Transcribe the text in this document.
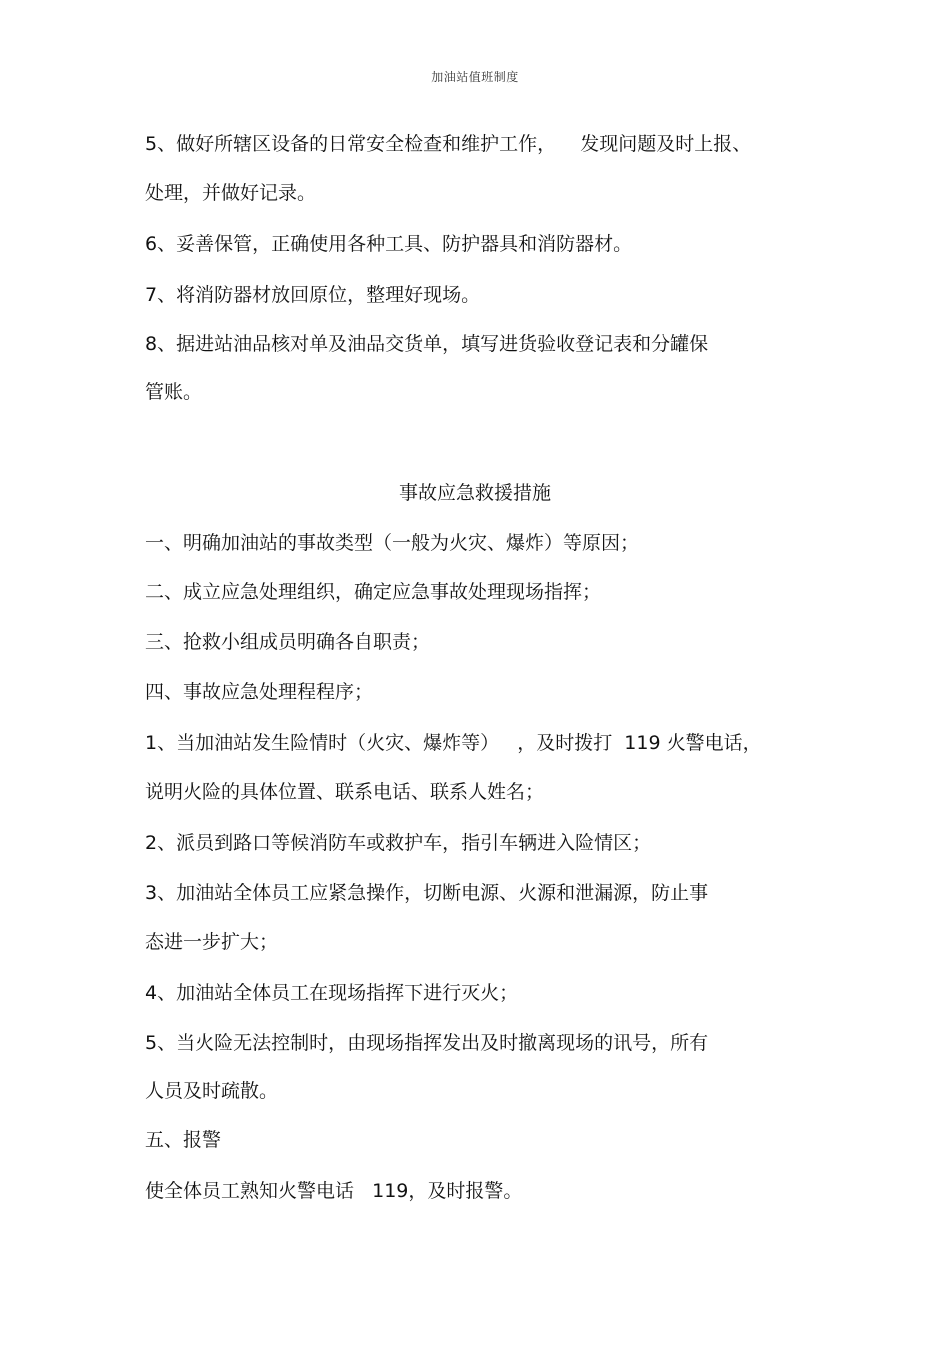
加油站值班制度
5、做好所辖区设备的日常安全检查和维护工作，    发现问题及时上报、
处理，并做好记录。
6、妥善保管，正确使用各种工具、防护器具和消防器材。
7、将消防器材放回原位，整理好现场。
8、据进站油品核对单及油品交货单，填写进货验收登记表和分罐保
管账。
事故应急救援措施
一、明确加油站的事故类型（一般为火灾、爆炸）等原因；
二、成立应急处理组织，确定应急事故处理现场指挥；
三、抢救小组成员明确各自职责；
四、事故应急处理程程序；
1、当加油站发生险情时（火灾、爆炸等）   ，及时拨打  119 火警电话，
说明火险的具体位置、联系电话、联系人姓名；
2、派员到路口等候消防车或救护车，指引车辆进入险情区；
3、加油站全体员工应紧急操作，切断电源、火源和泄漏源，防止事
态进一步扩大；
4、加油站全体员工在现场指挥下进行灭火；
5、当火险无法控制时，由现场指挥发出及时撤离现场的讯号，所有
人员及时疏散。
五、报警
使全体员工熟知火警电话   119，及时报警。
